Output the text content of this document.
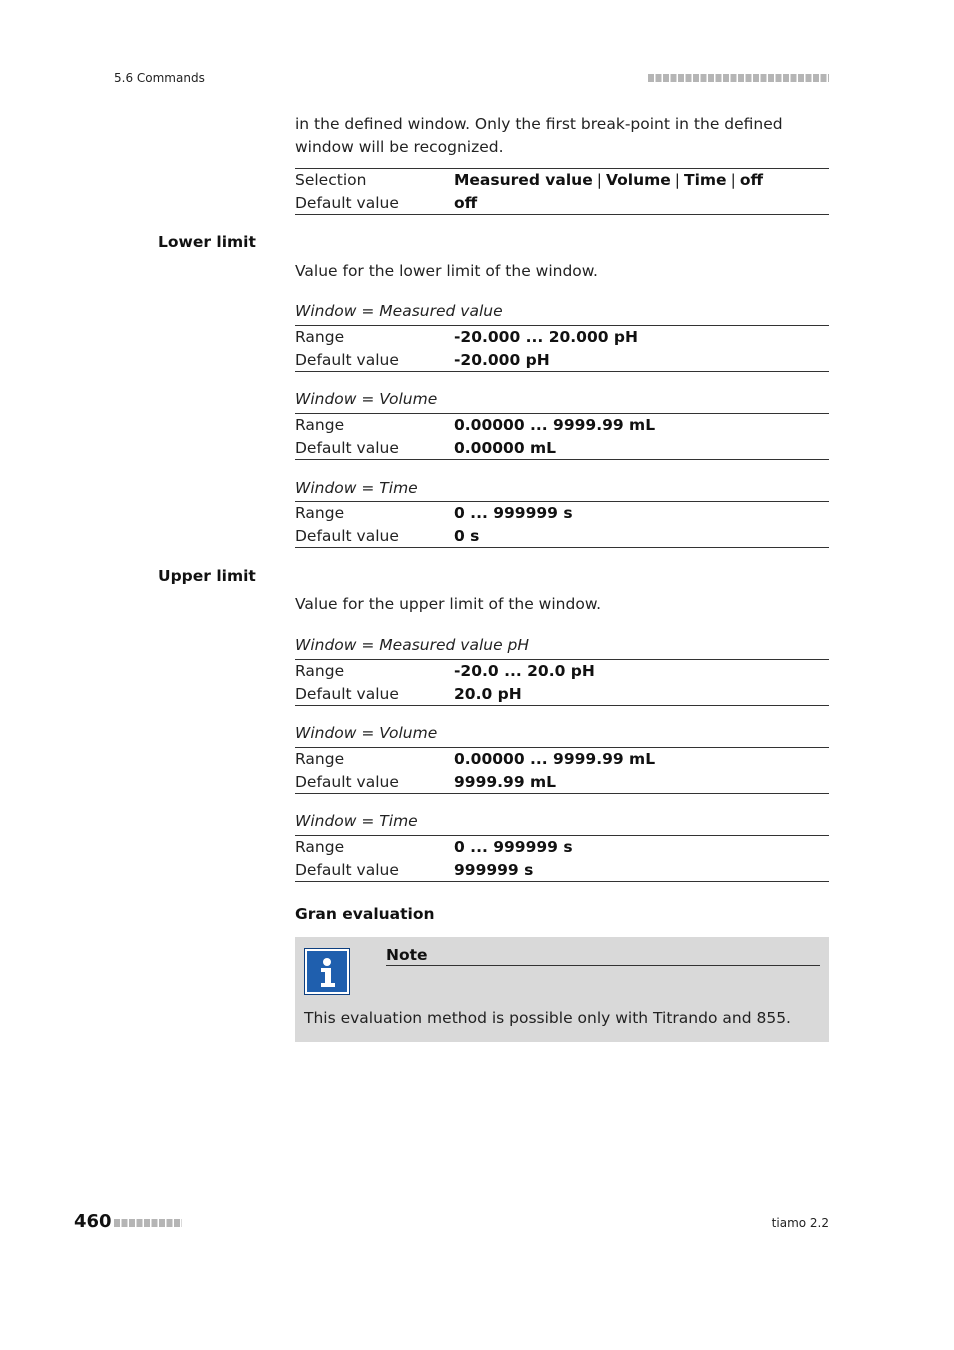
5.6 Commands
in the defined window. Only the first break-point in the defined window will be recognized.
Selection	Measured value | Volume | Time | off
Default value	off
Lower limit
Value for the lower limit of the window.
Window = Measured value
Range	-20.000 ... 20.000 pH
Default value	-20.000 pH
Window = Volume
Range	0.00000 ... 9999.99 mL
Default value	0.00000 mL
Window = Time
Range	0 ... 999999 s
Default value	0 s
Upper limit
Value for the upper limit of the window.
Window = Measured value pH
Range	-20.0 ... 20.0 pH
Default value	20.0 pH
Window = Volume
Range	0.00000 ... 9999.99 mL
Default value	9999.99 mL
Window = Time
Range	0 ... 999999 s
Default value	999999 s
Gran evaluation
Note
This evaluation method is possible only with Titrando and 855.
460	tiamo 2.2
